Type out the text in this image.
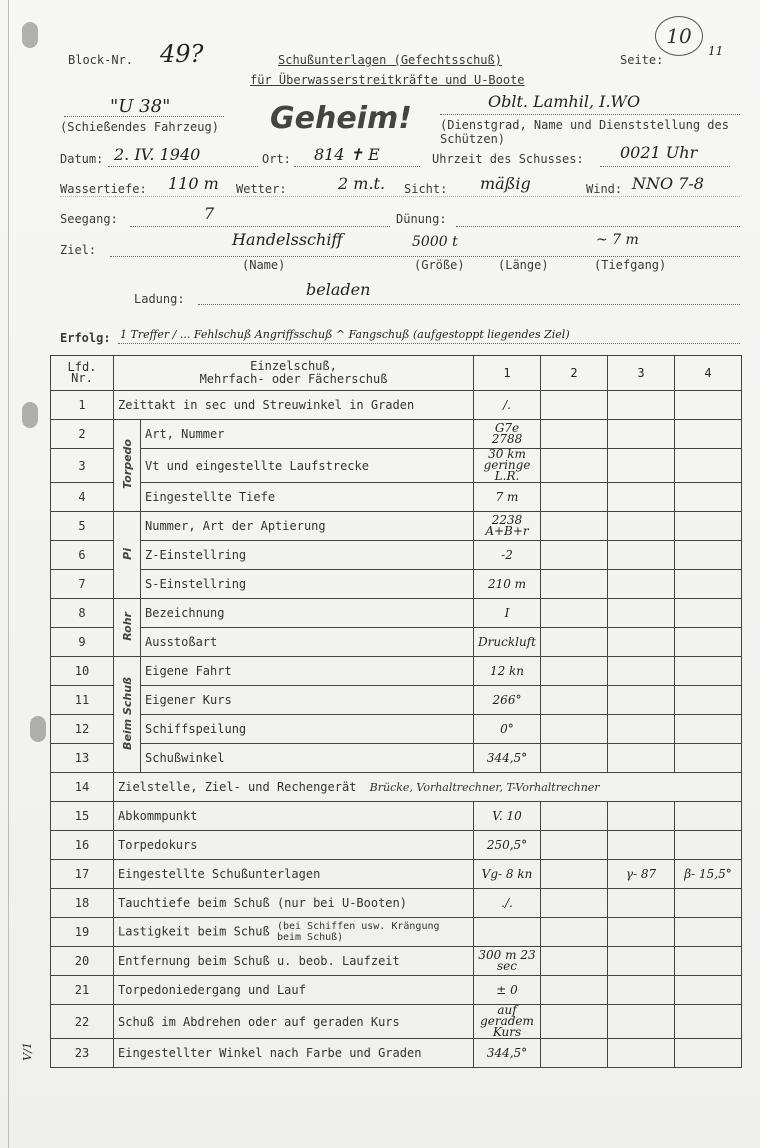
Block-Nr. 49?	Schußunterlagen (Gefechtsschuß)
für Überwasserstreitkräfte und U-Boote
Seite:
11
10
"U 38"
(Schießendes Fahrzeug) Geheim!	Oblt. Lamhil, I.WO
(Dienstgrad, Name und Dienststellung des Schützen)
Datum: 2. IV. 1940	Ort: 814 ✝ E	Uhrzeit des Schusses: 0021 Uhr
Wassertiefe: 110 m Wetter:	2 m.t. Sicht: mäßig	Wind: NNO 7-8
Seegang:	7	Dünung:
Ziel:
Handelsschiff	5000 t	~ 7 m
(Name)	(Größe)	(Länge)	(Tiefgang)
Ladung:	beladen
Erfolg: 1 Treffer / ... Fehlschuß Angriffsschuß ^ Fangschuß (aufgestoppt liegendes Ziel)
Lfd. Nr.	Einzelschuß,
Mehrfach- oder Fächerschuß		1	2	3	4
1	Zeittakt in sec und Streuwinkel in Graden		/.			
2	Torpedo	Art, Nummer	G7e 2788			
3		Vt und eingestellte Laufstrecke	30 km geringe L.R.			
4		Eingestellte Tiefe	7 m			
5	Pi	Nummer, Art der Aptierung	2238 A+B+r			
6		Z-Einstellring	-2			
7		S-Einstellring	210 m			
8	Rohr	Bezeichnung	I			
9		Ausstoßart	Druckluft			
10	Beim Schuß	Eigene Fahrt	12 kn			
11		Eigener Kurs	266°			
12		Schiffspeilung	0°			
13		Schußwinkel	344,5°			
14	Zielstelle, Ziel- und Rechengerät Brücke, Vorhaltrechner, T-Vorhaltrechner					
15	Abkommpunkt		V. 10			
16	Torpedokurs		250,5°			
17	Eingestellte Schußunterlagen		Vg- 8 kn		γ- 87	β- 15,5°
18	Tauchtiefe beim Schuß (nur bei U-Booten)		./.			
19	Lastigkeit beim Schuß (bei Schiffen usw. Krängung beim Schuß)					
20	Entfernung beim Schuß u. beob. Laufzeit		300 m 23 sec			
21	Torpedoniedergang und Lauf		± 0			
22	Schuß im Abdrehen oder auf geraden Kurs		auf geradem Kurs			
23	Eingestellter Winkel nach Farbe und Graden		344,5°			
V/1
